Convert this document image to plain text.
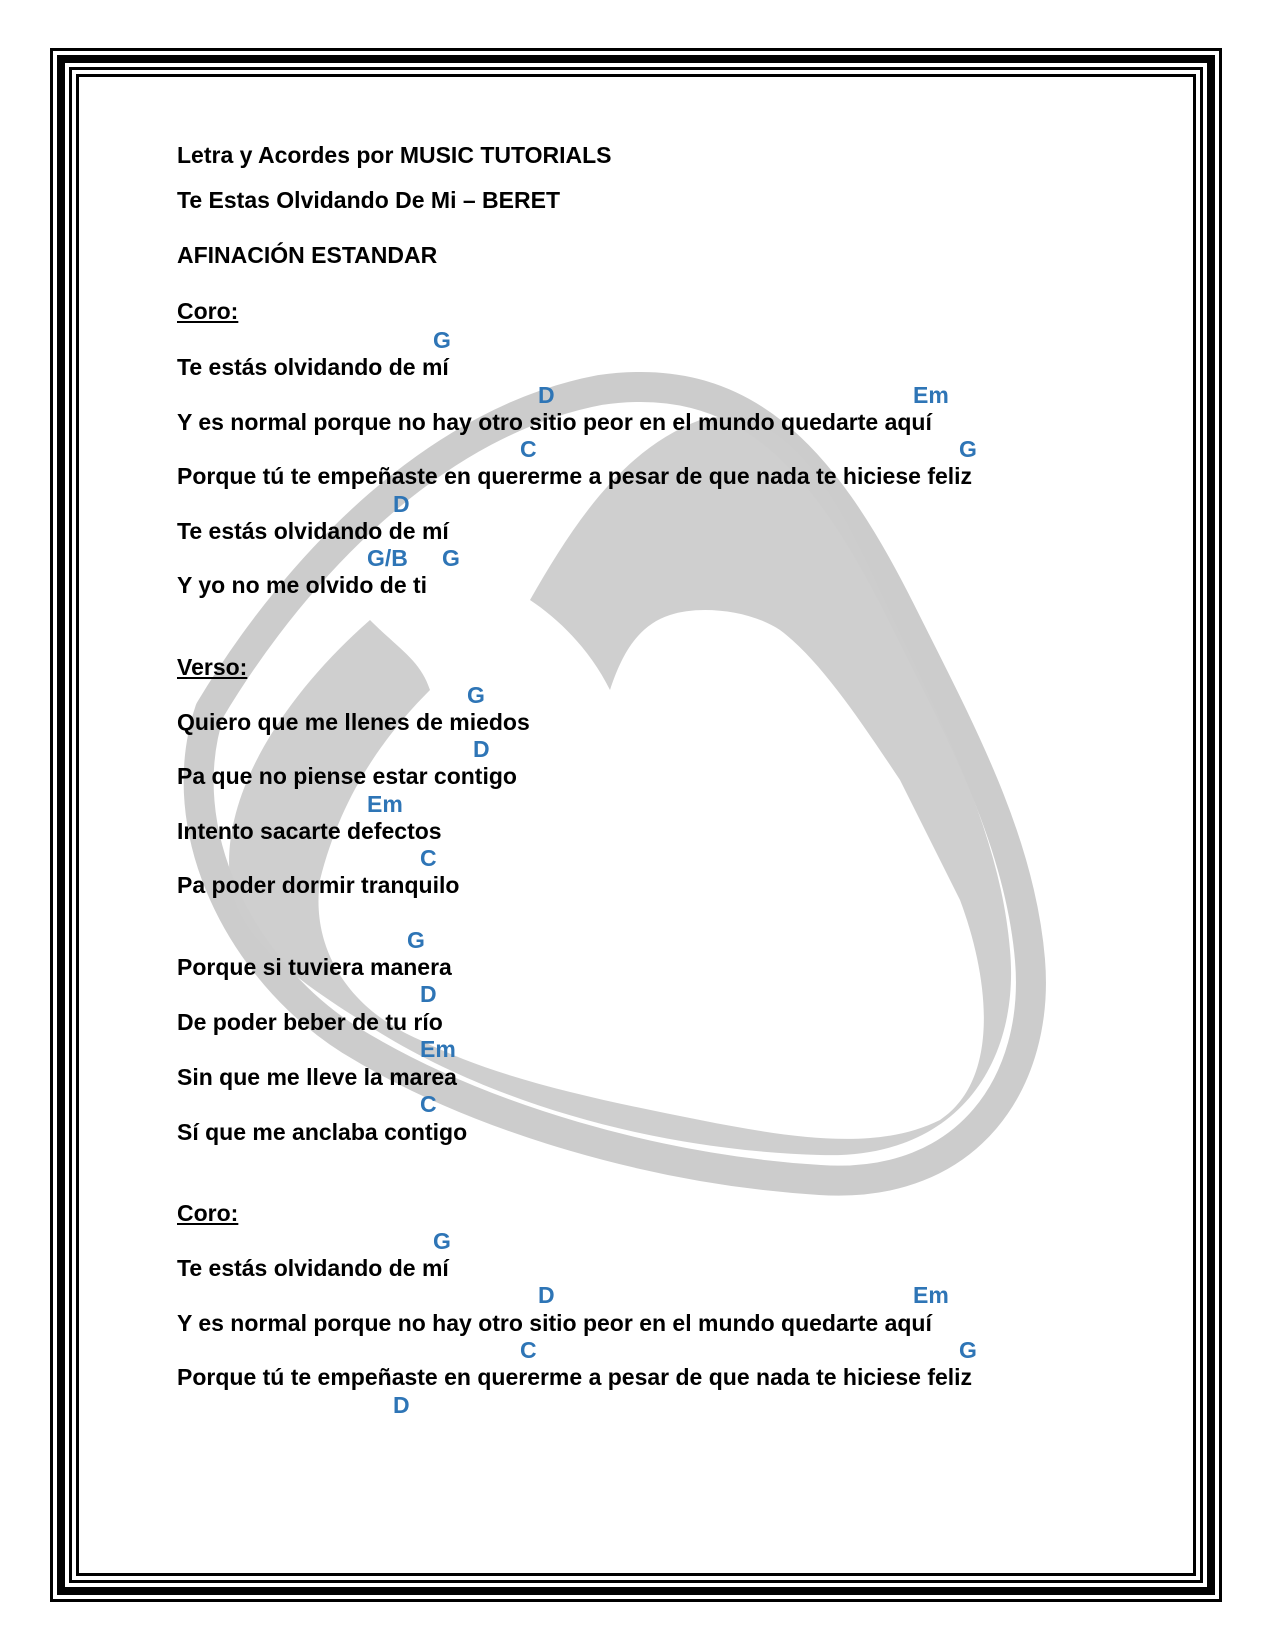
Letra y Acordes por MUSIC TUTORIALS

Te Estas Olvidando De Mi – BERET

AFINACIÓN ESTANDAR

Coro:

G

Te estás olvidando de mí

D	Em

Y es normal porque no hay otro sitio peor en el mundo quedarte aquí

C	G

Porque tú te empeñaste en quererme a pesar de que nada te hiciese feliz

D

Te estás olvidando de mí

G/B G

Y yo no me olvido de ti

Verso:

G

Quiero que me llenes de miedos

D

Pa que no piense estar contigo

Em

Intento sacarte defectos

C

Pa poder dormir tranquilo

G

Porque si tuviera manera

D

De poder beber de tu río

Em

Sin que me lleve la marea

C

Sí que me anclaba contigo

Coro:

G

Te estás olvidando de mí

D	Em

Y es normal porque no hay otro sitio peor en el mundo quedarte aquí

C	G

Porque tú te empeñaste en quererme a pesar de que nada te hiciese feliz

D
